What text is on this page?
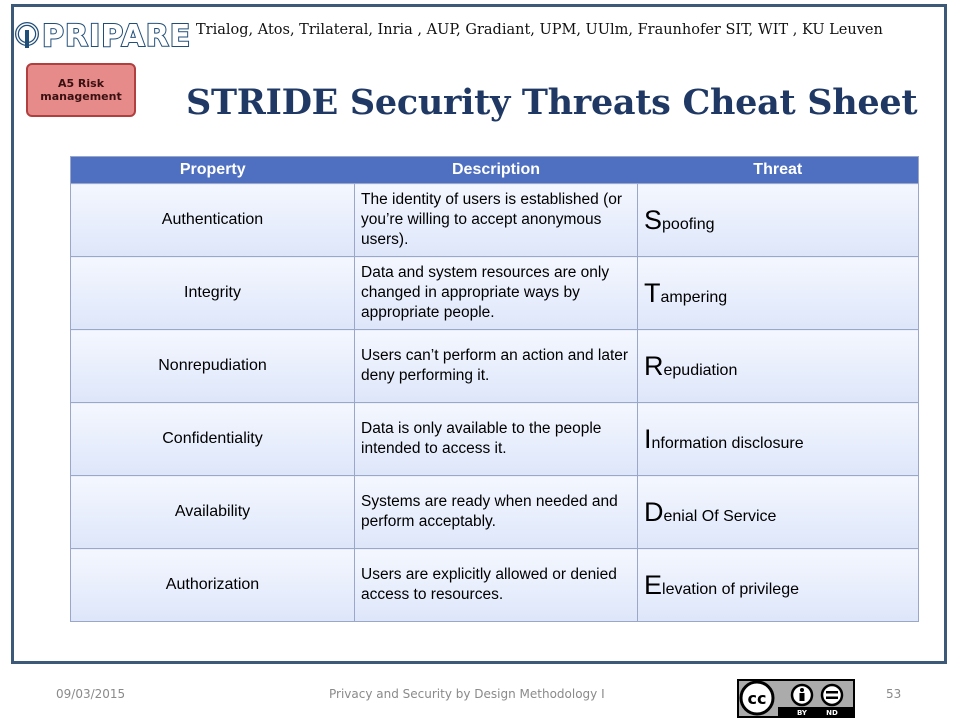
PRIPARE Trialog, Atos, Trilateral, Inria , AUP, Gradiant, UPM, UUlm, Fraunhofer SIT, WIT , KU Leuven
A5 Risk management	STRIDE Security Threats Cheat Sheet
Property	Description	Threat
Authentication	The identity of users is established (or you’re willing to accept anonymous users).	Spoofing
Integrity	Data and system resources are only changed in appropriate ways by appropriate people.	Tampering
Nonrepudiation	Users can’t perform an action and later deny performing it.	Repudiation
Confidentiality	Data is only available to the people intended to access it.	Information disclosure
Availability	Systems are ready when needed and perform acceptably.	Denial Of Service
Authorization	Users are explicitly allowed or denied access to resources.	Elevation of privilege
09/03/2015	Privacy and Security by Design Methodology I	53
cc
BY	ND
